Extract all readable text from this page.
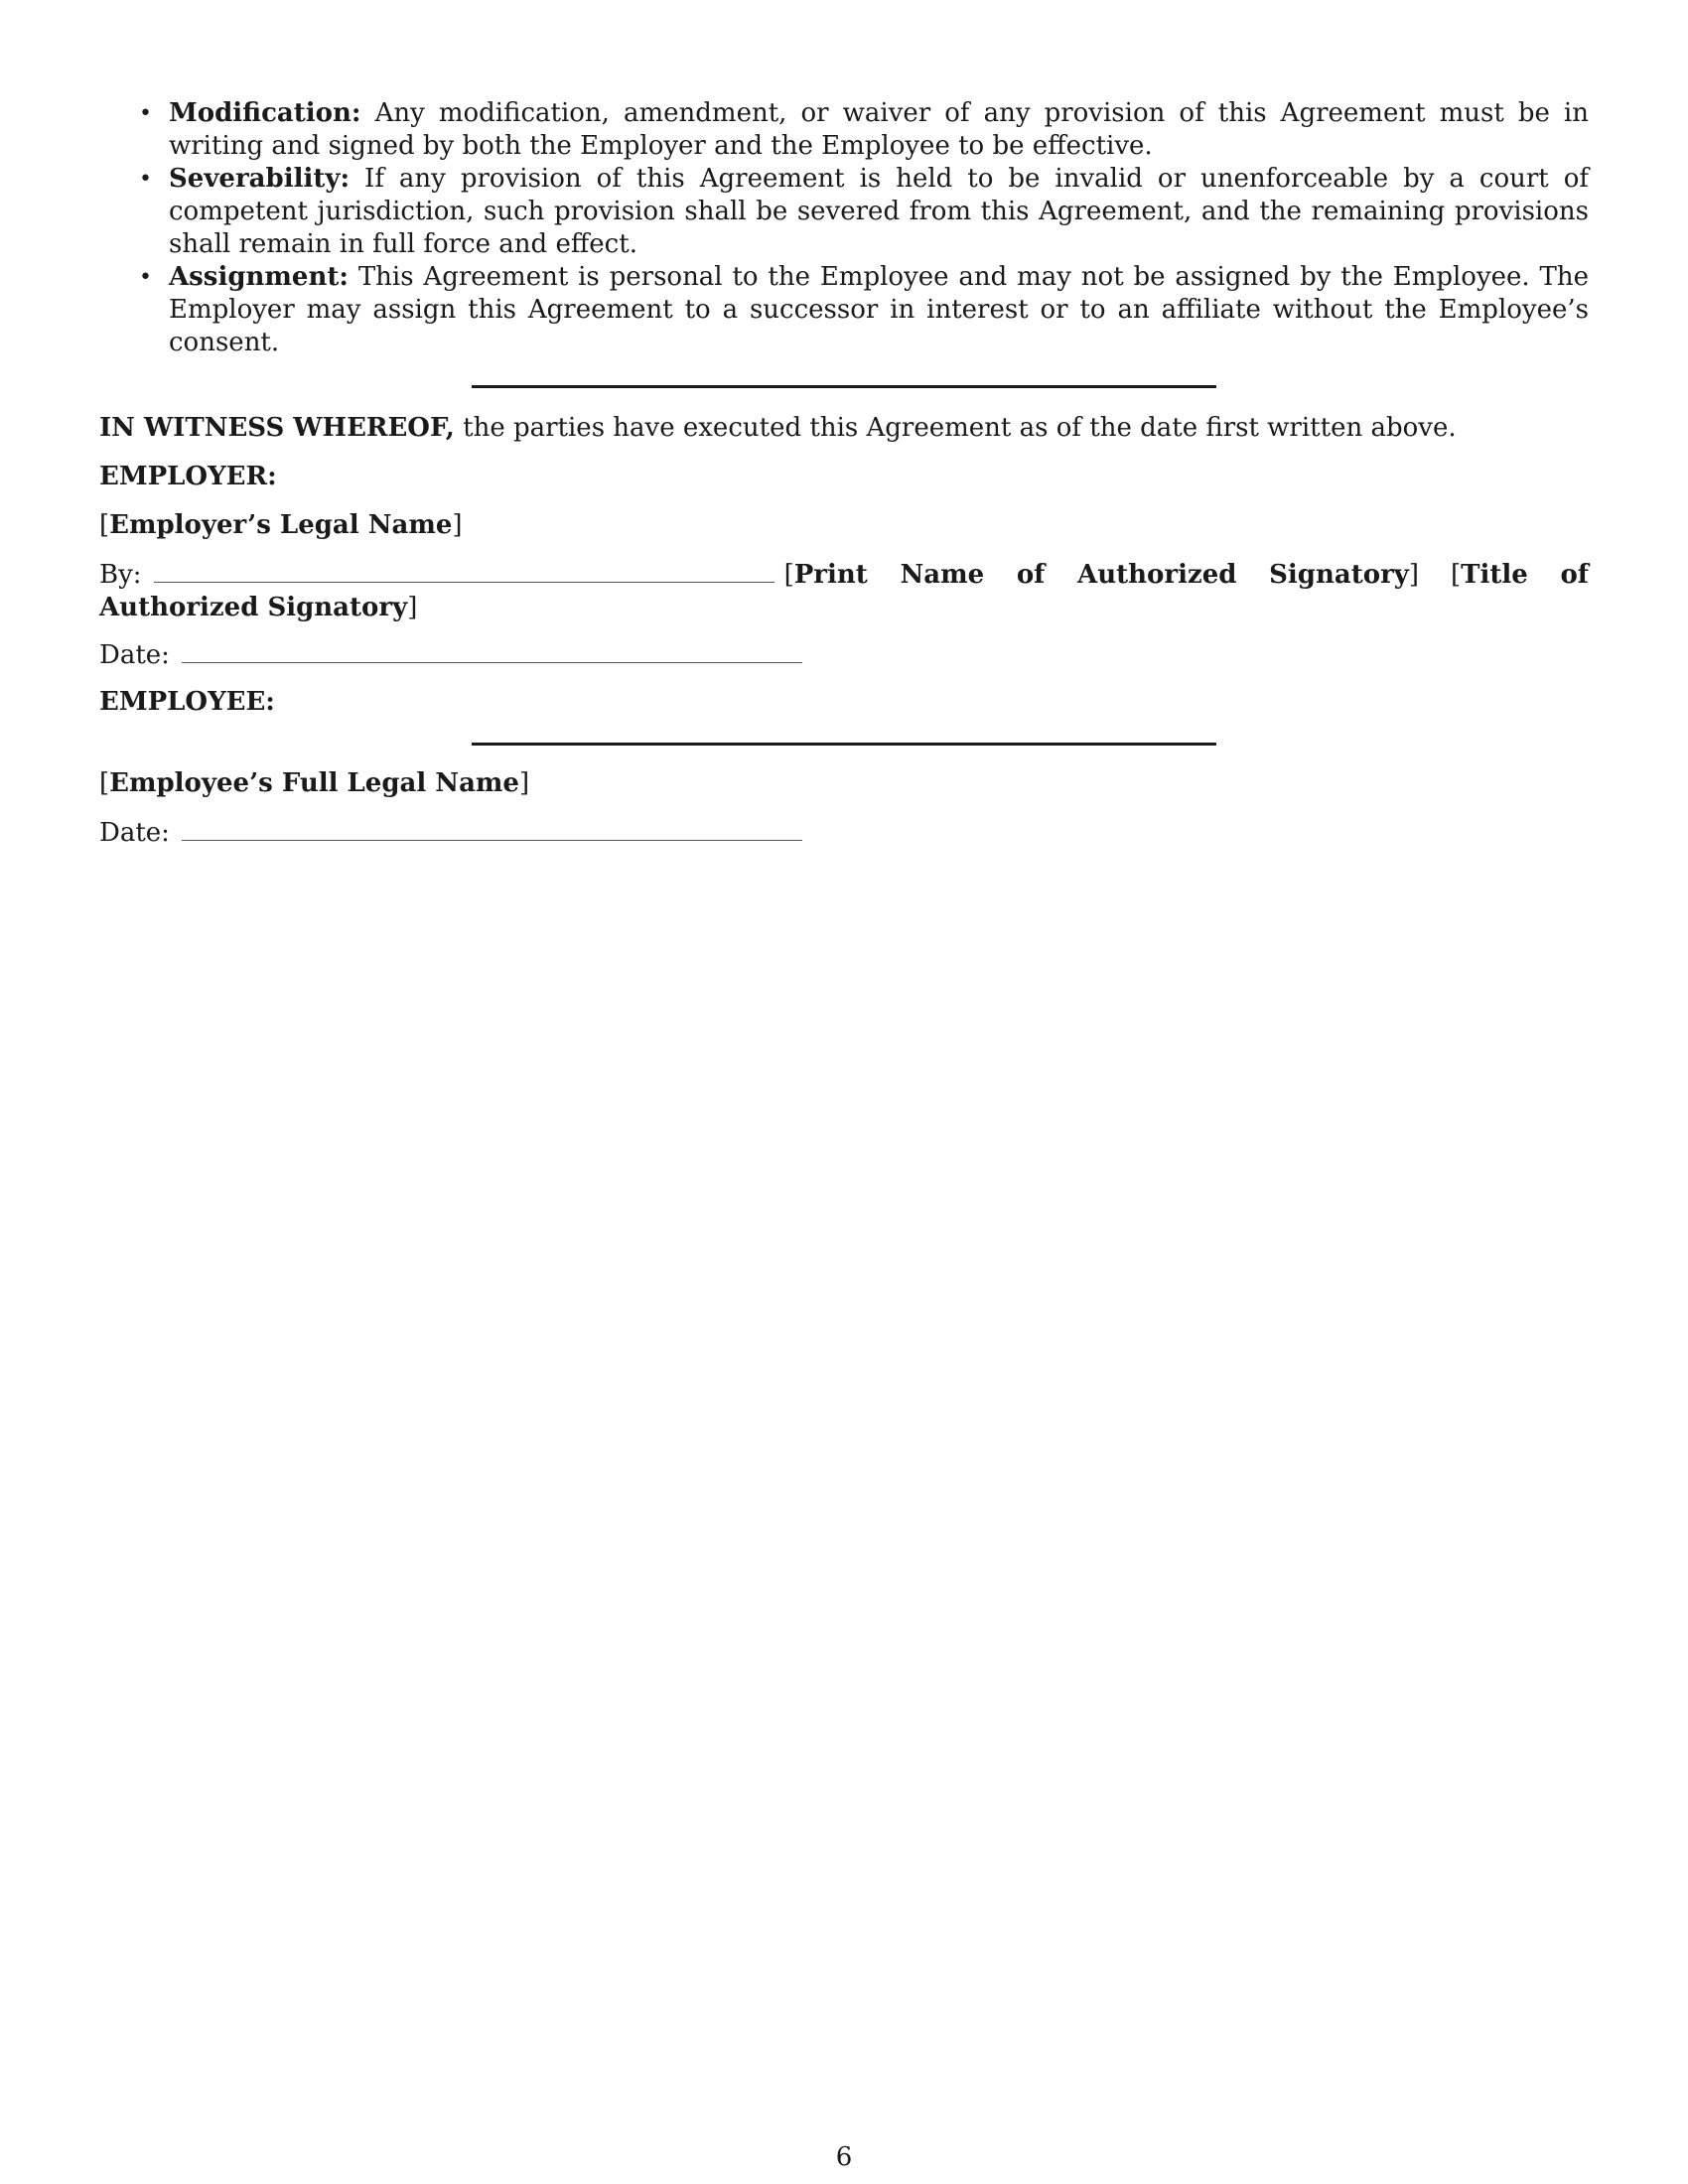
• Modification: Any modification, amendment, or waiver of any provision of this Agreement must be in writing and signed by both the Employer and the Employee to be effective.
• Severability: If any provision of this Agreement is held to be invalid or unenforceable by a court of competent jurisdiction, such provision shall be severed from this Agreement, and the remaining provisions shall remain in full force and effect.
• Assignment: This Agreement is personal to the Employee and may not be assigned by the Employee. The Employer may assign this Agreement to a successor in interest or to an affiliate without the Employee’s consent.

IN WITNESS WHEREOF, the parties have executed this Agreement as of the date first written above.

EMPLOYER:

[Employer’s Legal Name]

By:	[Print Name of Authorized Signatory] [Title of Authorized Signatory]

Date:

EMPLOYEE:

[Employee’s Full Legal Name]

Date:

6
